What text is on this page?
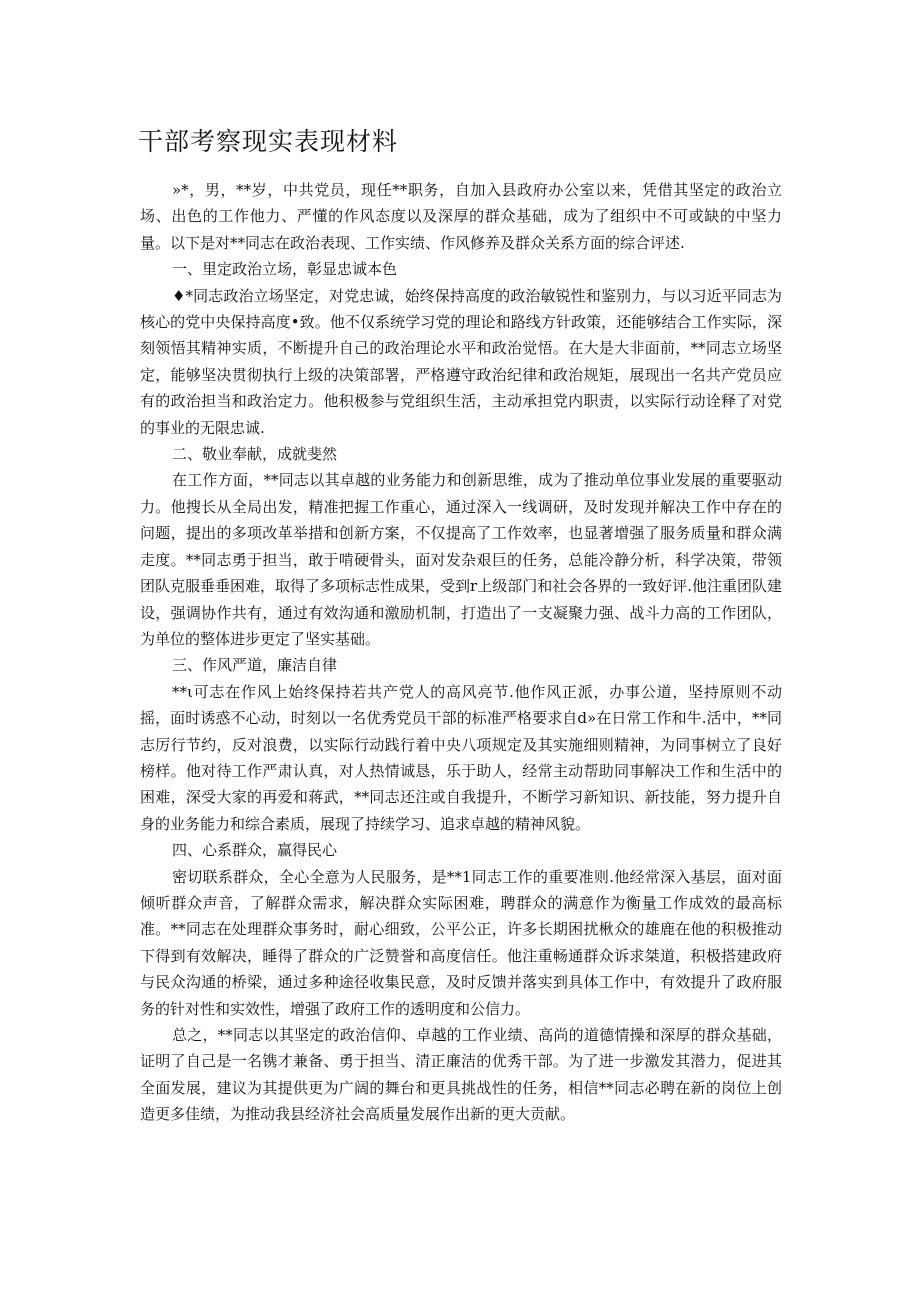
干部考察现实表现材料

»*，男，**岁，中共党员，现任**职务，自加入县政府办公室以来，凭借其坚定的政治立场、出色的工作他力、严懂的作风态度以及深厚的群众基础，成为了组织中不可或缺的中坚力量。以下是对**同志在政治表现、工作实绩、作风修养及群众关系方面的综合评述.

一、里定政治立场，彰显忠诚本色

♦*同志政治立场坚定，对党忠诚，始终保持高度的政治敏锐性和鉴别力，与以习近平同志为核心的党中央保持高度•致。他不仅系统学习党的理论和路线方针政策，还能够结合工作实际，深刻领悟其精神实质，不断提升自己的政治理论水平和政治觉悟。在大是大非面前，**同志立场坚定，能够坚决贯彻执行上级的决策部署，严格遵守政治纪律和政治规矩，展现出一名共产党员应有的政治担当和政治定力。他积极参与党组织生活，主动承担党内职责，以实际行动诠释了对党的事业的无限忠诚.

二、敬业奉献，成就斐然

在工作方面，**同志以其卓越的业务能力和创新思维，成为了推动单位事业发展的重要驱动力。他搜长从全局出发，精准把握工作重心，通过深入一线调研，及时发现并解决工作中存在的问题，提出的多项改革举措和创新方案，不仅提高了工作效率，也显著增强了服务质量和群众满走度。**同志勇于担当，敢于啃硬骨头，面对发杂艰巨的任务，总能冷静分析，科学决策，带领团队克服垂垂困难，取得了多项标志性成果，受到r上级部门和社会各界的一致好评.他注重团队建设，强调协作共有，通过有效沟通和激励机制，打造出了一支凝聚力强、战斗力高的工作团队，为单位的整体进步更定了坚实基础。

三、作风严道，廉洁自律

**ι可志在作风上始终保持若共产党人的高风亮节.他作风正派，办事公道，坚持原则不动摇，面时诱惑不心动，时刻以一名优秀党员干部的标准严格要求自d»在日常工作和牛.活中，**同志厉行节约，反对浪费，以实际行动践行着中央八项规定及其实施细则精神，为同事树立了良好榜样。他对待工作严肃认真，对人热情诚恳，乐于助人，经常主动帮助同事解决工作和生活中的困难，深受大家的再爱和蒋武，**同志还注或自我提升，不断学习新知识、新技能，努力提升自身的业务能力和综合素质，展现了持续学习、追求卓越的精神风貌。

四、心系群众，赢得民心

密切联系群众，全心全意为人民服务，是**1同志工作的重要准则.他经常深入基层，面对面倾听群众声音，了解群众需求，解决群众实际困难，聘群众的满意作为衡量工作成效的最高标准。**同志在处理群众事务时，耐心细致，公平公正，许多长期困扰楸众的雄鹿在他的积极推动下得到有效解决，睡得了群众的广泛赞誉和高度信任。他注重畅通群众诉求桀道，积极搭建政府与民众沟通的桥梁，通过多种途径收集民意，及时反馈并落实到具体工作中，有效提升了政府服务的针对性和实效性，增强了政府工作的透明度和公信力。

总之，**同志以其坚定的政治信仰、卓越的工作业绩、高尚的道德情操和深厚的群众基础，证明了自己是一名镌才兼备、勇于担当、清正廉洁的优秀干部。为了进一步激发其潜力，促进其全面发展，建议为其提供更为广阔的舞台和更具挑战性的任务，相信**同志必聘在新的岗位上创造更多佳绩，为推动我县经济社会高质量发展作出新的更大贡献。
